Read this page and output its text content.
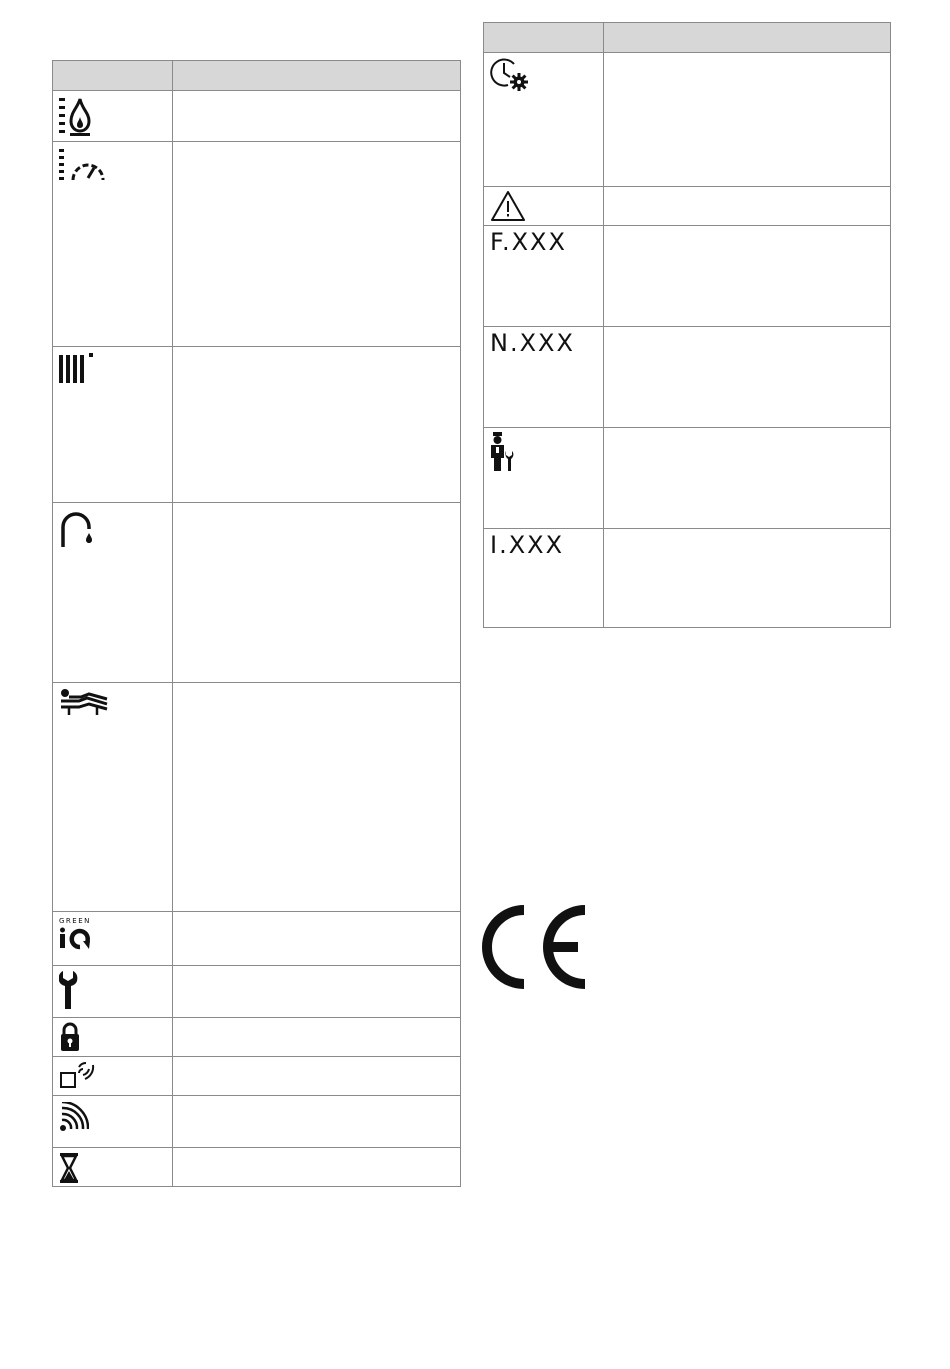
GREEN
F.XXX
N.XXX
I.XXX
